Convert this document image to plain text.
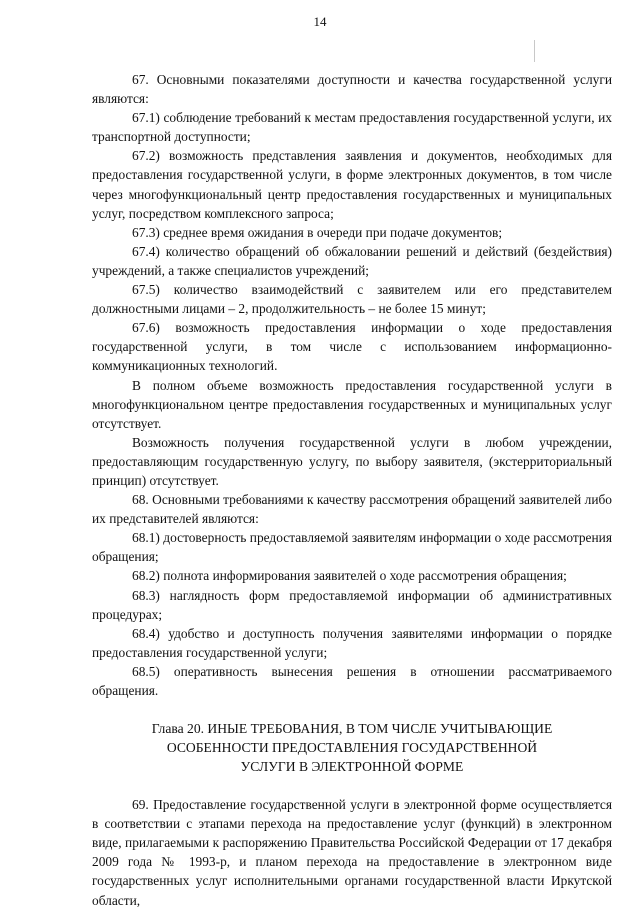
14

67. Основными показателями доступности и качества государственной услуги являются:

67.1) соблюдение требований к местам предоставления государственной услуги, их транспортной доступности;

67.2) возможность представления заявления и документов, необходимых для предоставления государственной услуги, в форме электронных документов, в том числе через многофункциональный центр предоставления государственных и муниципальных услуг, посредством комплексного запроса;

67.3) среднее время ожидания в очереди при подаче документов;

67.4) количество обращений об обжаловании решений и действий (бездействия) учреждений, а также специалистов учреждений;

67.5) количество взаимодействий с заявителем или его представителем должностными лицами – 2, продолжительность – не более 15 минут;

67.6) возможность предоставления информации о ходе предоставления государственной услуги, в том числе с использованием информационно-коммуникационных технологий.

В полном объеме возможность предоставления государственной услуги в многофункциональном центре предоставления государственных и муниципальных услуг отсутствует.

Возможность получения государственной услуги в любом учреждении, предоставляющим государственную услугу, по выбору заявителя, (экстерриториальный принцип) отсутствует.

68. Основными требованиями к качеству рассмотрения обращений заявителей либо их представителей являются:

68.1) достоверность предоставляемой заявителям информации о ходе рассмотрения обращения;

68.2) полнота информирования заявителей о ходе рассмотрения обращения;

68.3) наглядность форм предоставляемой информации об административных процедурах;

68.4) удобство и доступность получения заявителями информации о порядке предоставления государственной услуги;

68.5) оперативность вынесения решения в отношении рассматриваемого обращения.

Глава 20. ИНЫЕ ТРЕБОВАНИЯ, В ТОМ ЧИСЛЕ УЧИТЫВАЮЩИЕ
ОСОБЕННОСТИ ПРЕДОСТАВЛЕНИЯ ГОСУДАРСТВЕННОЙ
УСЛУГИ В ЭЛЕКТРОННОЙ ФОРМЕ

69. Предоставление государственной услуги в электронной форме осуществляется в соответствии с этапами перехода на предоставление услуг (функций) в электронном виде, прилагаемыми к распоряжению Правительства Российской Федерации от 17 декабря 2009 года № 1993-р, и планом перехода на предоставление в электронном виде государственных услуг исполнительными органами государственной власти Иркутской области,
